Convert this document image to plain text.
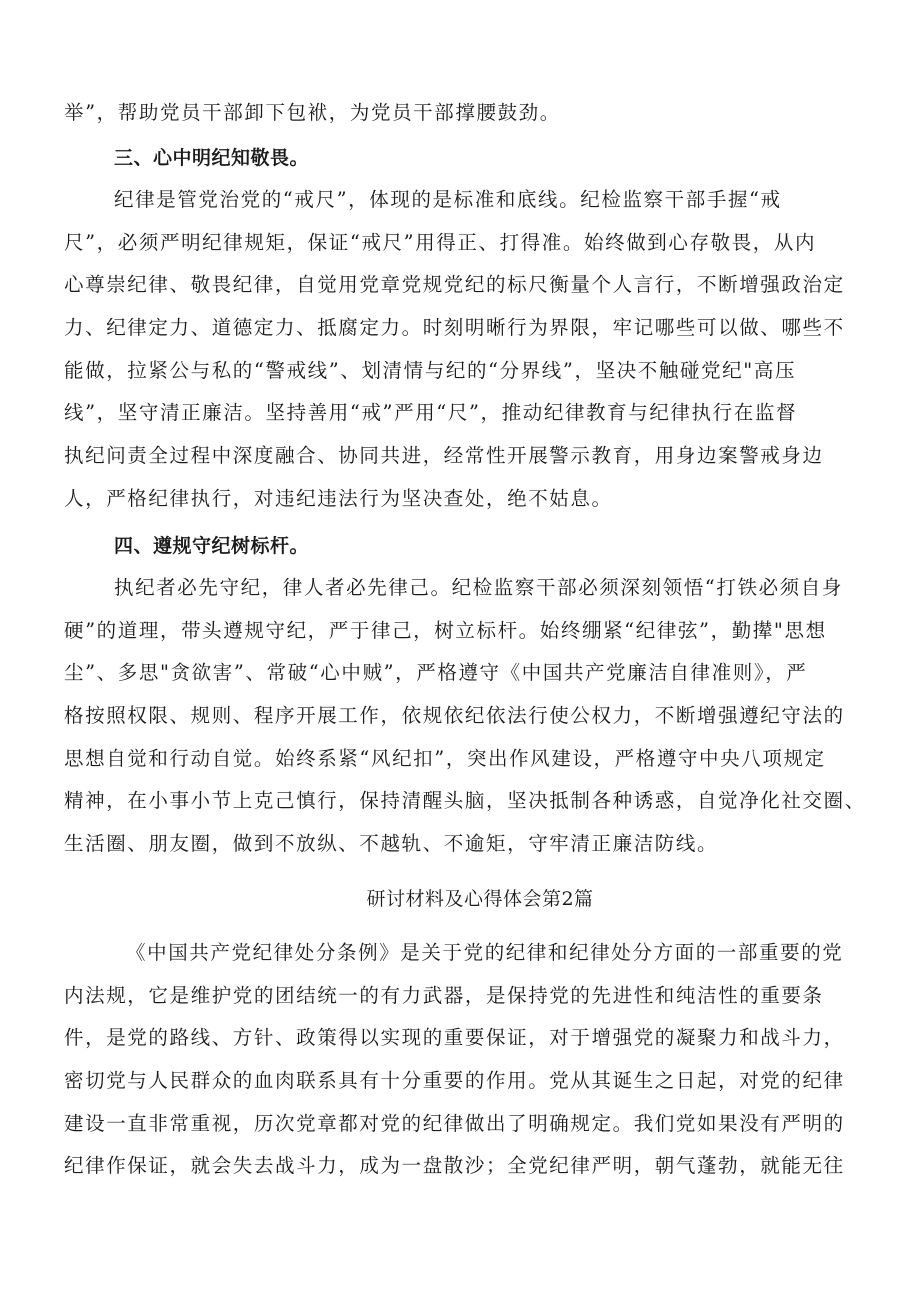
举”，帮助党员干部卸下包袱，为党员干部撑腰鼓劲。
三、心中明纪知敬畏。
纪律是管党治党的“戒尺”，体现的是标准和底线。纪检监察干部手握“戒
尺”，必须严明纪律规矩，保证“戒尺”用得正、打得准。始终做到心存敬畏，从内
心尊崇纪律、敬畏纪律，自觉用党章党规党纪的标尺衡量个人言行，不断增强政治定
力、纪律定力、道德定力、抵腐定力。时刻明晰行为界限，牢记哪些可以做、哪些不
能做，拉紧公与私的“警戒线”、划清情与纪的“分界线”，坚决不触碰党纪"高压
线”，坚守清正廉洁。坚持善用“戒”严用“尺”，推动纪律教育与纪律执行在监督
执纪问责全过程中深度融合、协同共进，经常性开展警示教育，用身边案警戒身边
人，严格纪律执行，对违纪违法行为坚决查处，绝不姑息。
四、遵规守纪树标杆。
执纪者必先守纪，律人者必先律己。纪检监察干部必须深刻领悟“打铁必须自身
硬”的道理，带头遵规守纪，严于律己，树立标杆。始终绷紧“纪律弦”，勤撵"思想
尘”、多思"贪欲害”、常破“心中贼”，严格遵守《中国共产党廉洁自律准则》，严
格按照权限、规则、程序开展工作，依规依纪依法行使公权力，不断增强遵纪守法的
思想自觉和行动自觉。始终系紧“风纪扣”，突出作风建设，严格遵守中央八项规定
精神，在小事小节上克己慎行，保持清醒头脑，坚决抵制各种诱惑，自觉净化社交圈、
生活圈、朋友圈，做到不放纵、不越轨、不逾矩，守牢清正廉洁防线。
研讨材料及心得体会第2篇
《中国共产党纪律处分条例》是关于党的纪律和纪律处分方面的一部重要的党
内法规，它是维护党的团结统一的有力武器，是保持党的先进性和纯洁性的重要条
件，是党的路线、方针、政策得以实现的重要保证，对于增强党的凝聚力和战斗力，
密切党与人民群众的血肉联系具有十分重要的作用。党从其诞生之日起，对党的纪律
建设一直非常重视，历次党章都对党的纪律做出了明确规定。我们党如果没有严明的
纪律作保证，就会失去战斗力，成为一盘散沙；全党纪律严明，朝气蓬勃，就能无往
